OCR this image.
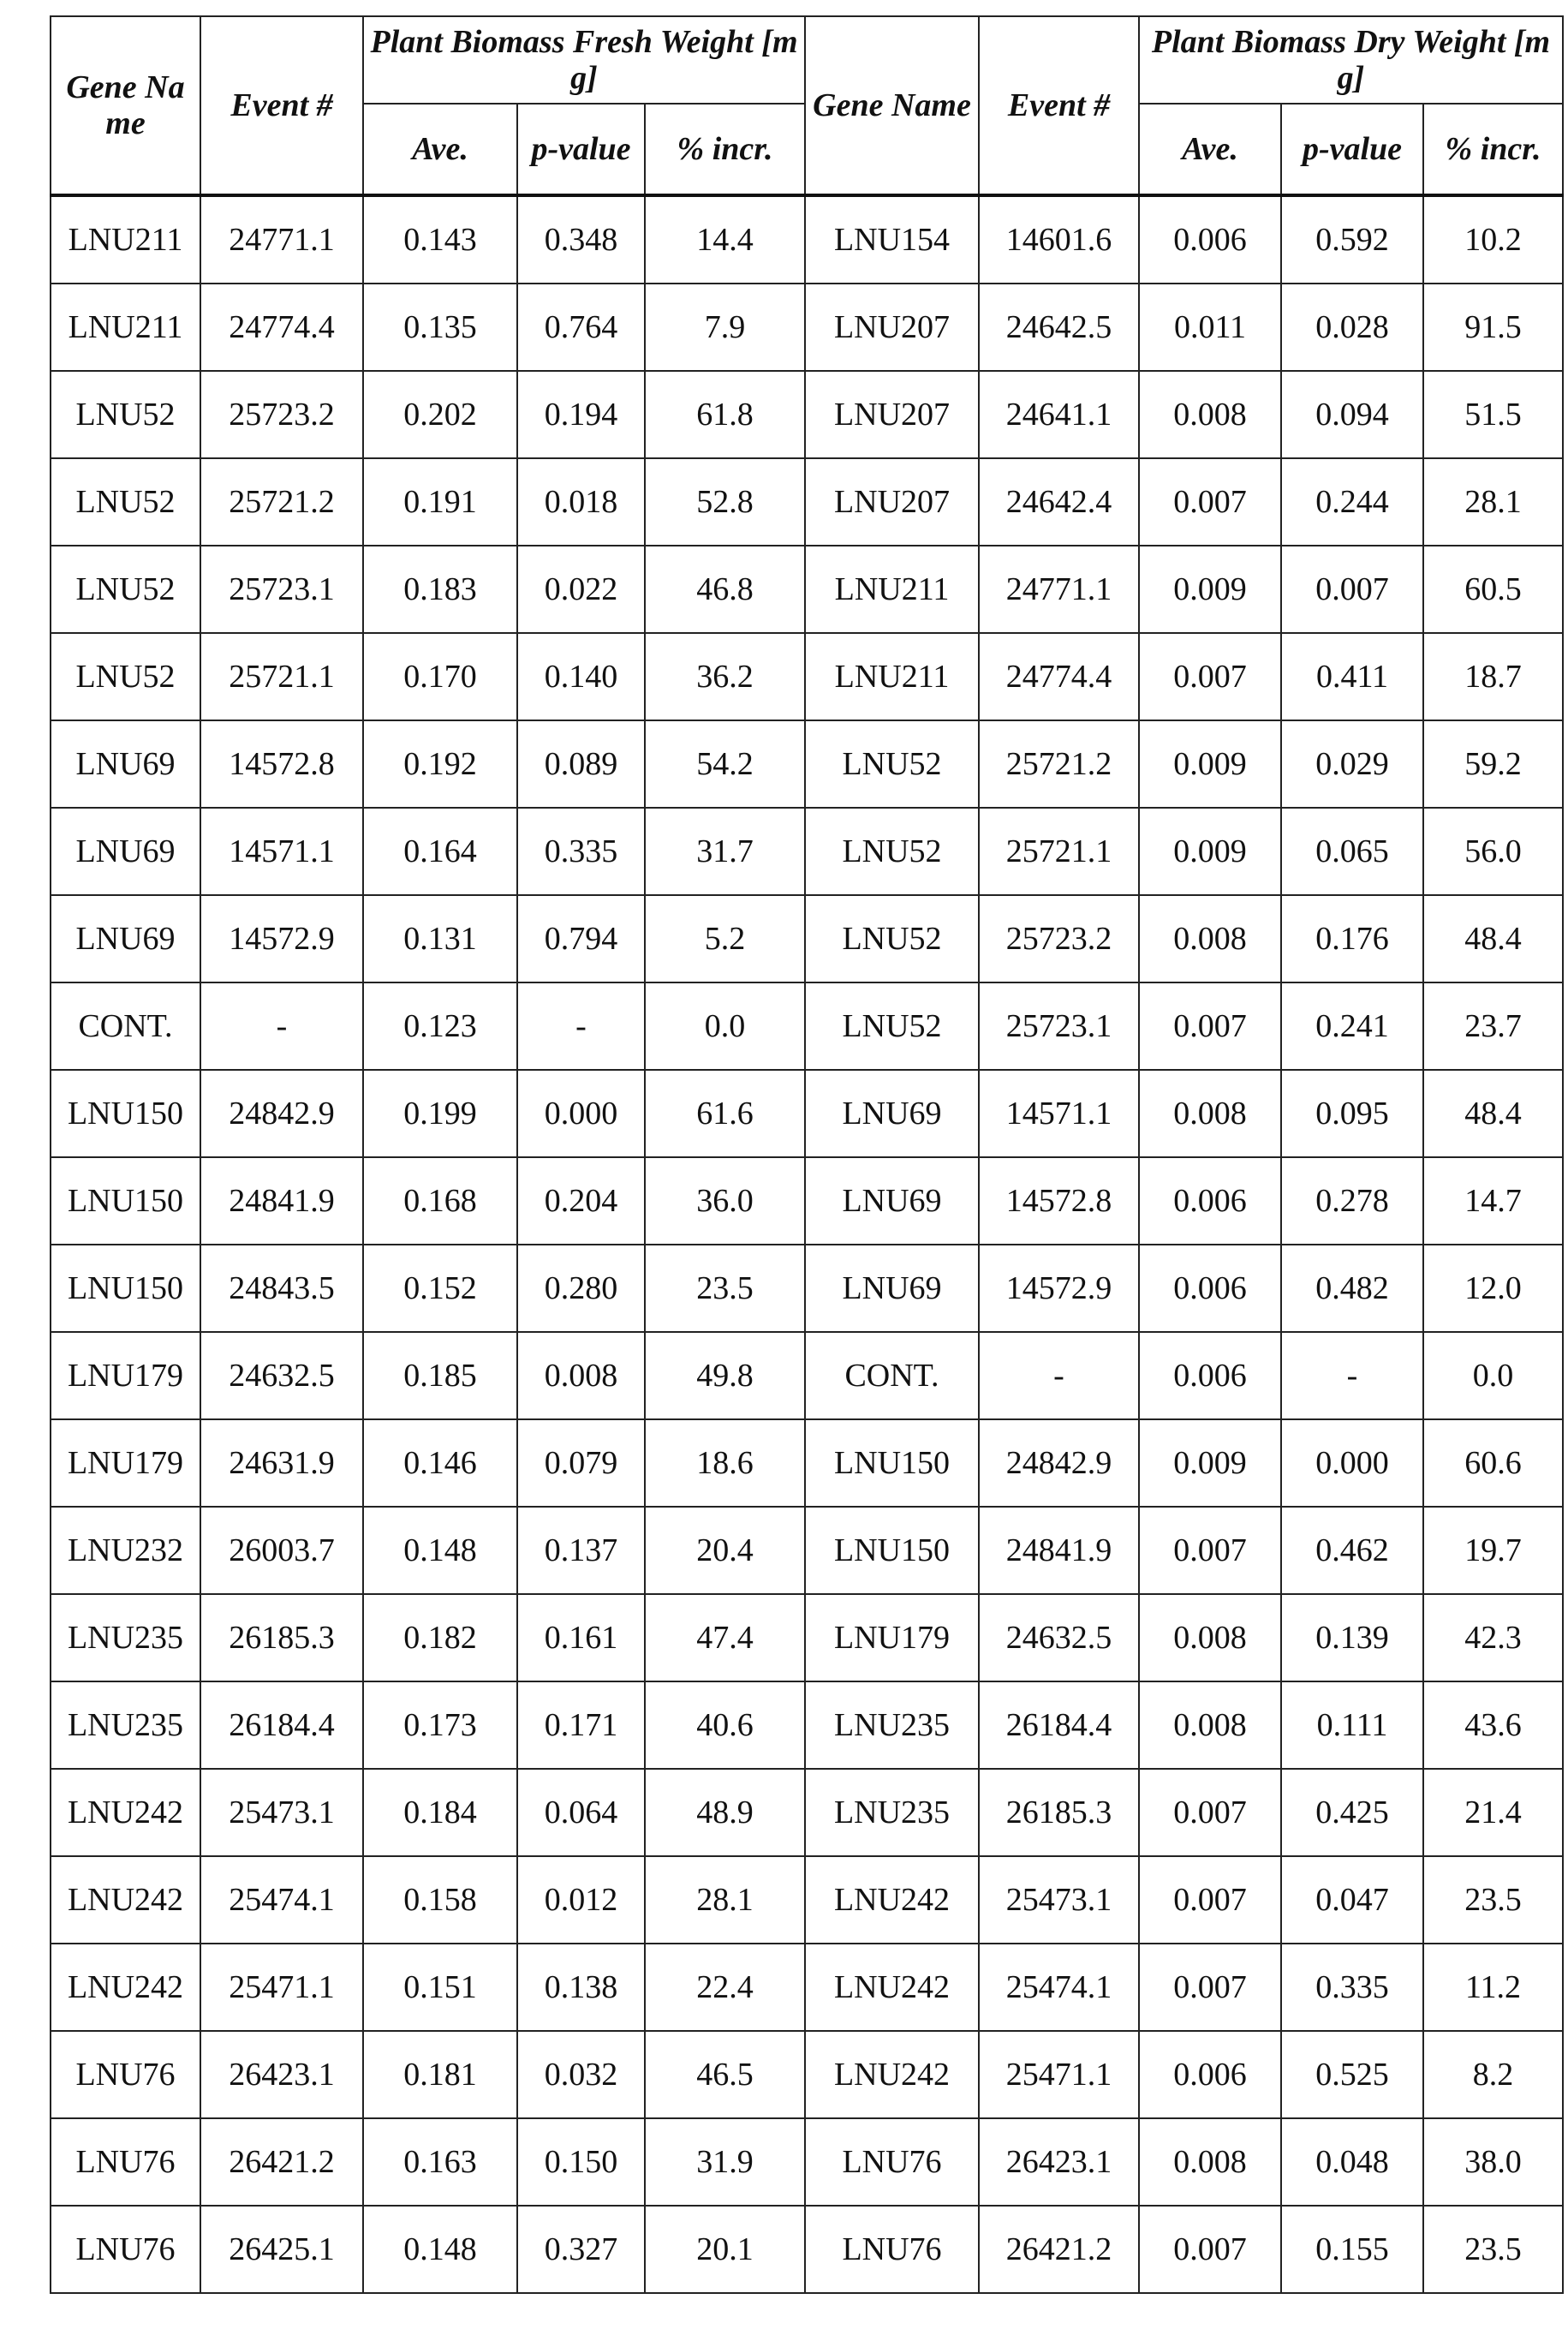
Gene Name	Event #	Plant Biomass Fresh Weight [mg]	Gene Name	Event #	Plant Biomass Dry Weight [mg]
Ave.	p-value	% incr.	Ave.	p-value	% incr.
LNU211	24771.1	0.143	0.348	14.4	LNU154	14601.6	0.006	0.592	10.2
LNU211	24774.4	0.135	0.764	7.9	LNU207	24642.5	0.011	0.028	91.5
LNU52	25723.2	0.202	0.194	61.8	LNU207	24641.1	0.008	0.094	51.5
LNU52	25721.2	0.191	0.018	52.8	LNU207	24642.4	0.007	0.244	28.1
LNU52	25723.1	0.183	0.022	46.8	LNU211	24771.1	0.009	0.007	60.5
LNU52	25721.1	0.170	0.140	36.2	LNU211	24774.4	0.007	0.411	18.7
LNU69	14572.8	0.192	0.089	54.2	LNU52	25721.2	0.009	0.029	59.2
LNU69	14571.1	0.164	0.335	31.7	LNU52	25721.1	0.009	0.065	56.0
LNU69	14572.9	0.131	0.794	5.2	LNU52	25723.2	0.008	0.176	48.4
CONT.	-	0.123	-	0.0	LNU52	25723.1	0.007	0.241	23.7
LNU150	24842.9	0.199	0.000	61.6	LNU69	14571.1	0.008	0.095	48.4
LNU150	24841.9	0.168	0.204	36.0	LNU69	14572.8	0.006	0.278	14.7
LNU150	24843.5	0.152	0.280	23.5	LNU69	14572.9	0.006	0.482	12.0
LNU179	24632.5	0.185	0.008	49.8	CONT.	-	0.006	-	0.0
LNU179	24631.9	0.146	0.079	18.6	LNU150	24842.9	0.009	0.000	60.6
LNU232	26003.7	0.148	0.137	20.4	LNU150	24841.9	0.007	0.462	19.7
LNU235	26185.3	0.182	0.161	47.4	LNU179	24632.5	0.008	0.139	42.3
LNU235	26184.4	0.173	0.171	40.6	LNU235	26184.4	0.008	0.111	43.6
LNU242	25473.1	0.184	0.064	48.9	LNU235	26185.3	0.007	0.425	21.4
LNU242	25474.1	0.158	0.012	28.1	LNU242	25473.1	0.007	0.047	23.5
LNU242	25471.1	0.151	0.138	22.4	LNU242	25474.1	0.007	0.335	11.2
LNU76	26423.1	0.181	0.032	46.5	LNU242	25471.1	0.006	0.525	8.2
LNU76	26421.2	0.163	0.150	31.9	LNU76	26423.1	0.008	0.048	38.0
LNU76	26425.1	0.148	0.327	20.1	LNU76	26421.2	0.007	0.155	23.5
